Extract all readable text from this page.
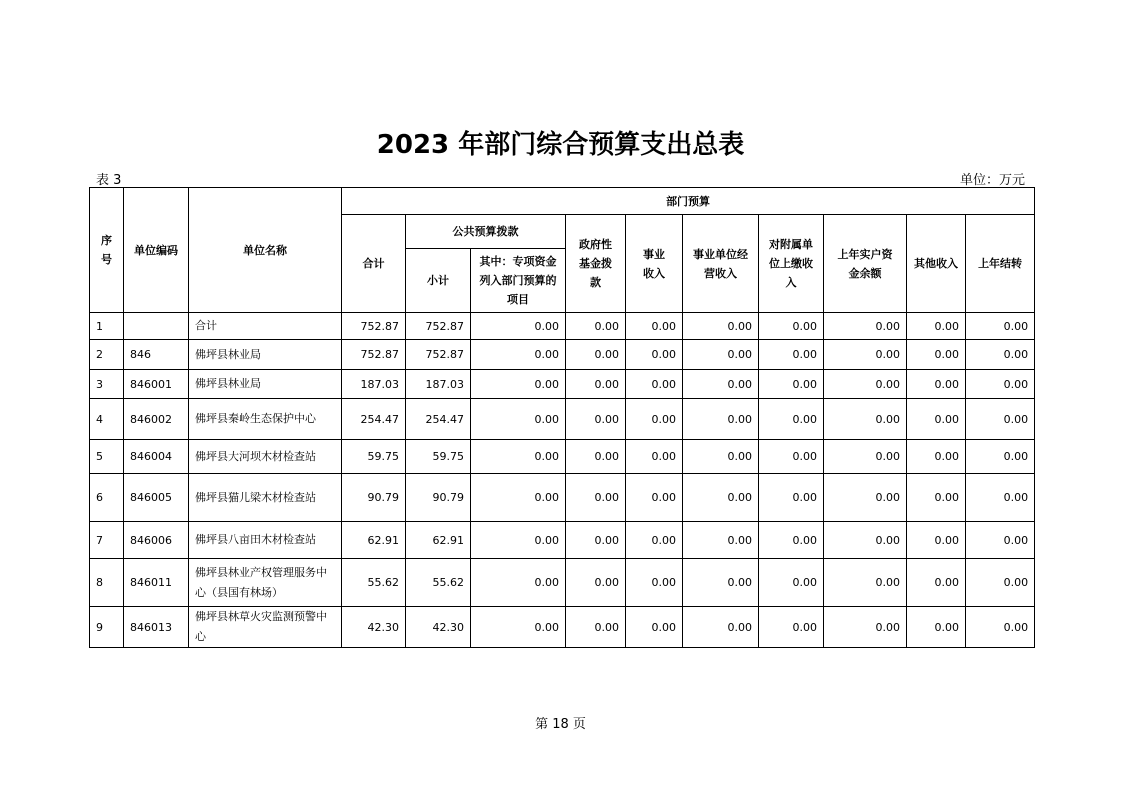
2023 年部门综合预算支出总表
表 3	单位：万元
序号	单位编码	单位名称	部门预算									
			合计	公共预算拨款		政府性基金拨款	事业收入	事业单位经营收入	对附属单位上缴收入	上年实户资金余额	其他收入	上年结转
				小计	其中：专项资金列入部门预算的项目							
1		合计	752.87	752.87	0.00	0.00	0.00	0.00	0.00	0.00	0.00	0.00
2	846	佛坪县林业局	752.87	752.87	0.00	0.00	0.00	0.00	0.00	0.00	0.00	0.00
3	846001	佛坪县林业局	187.03	187.03	0.00	0.00	0.00	0.00	0.00	0.00	0.00	0.00
4	846002	佛坪县秦岭生态保护中心	254.47	254.47	0.00	0.00	0.00	0.00	0.00	0.00	0.00	0.00
5	846004	佛坪县大河坝木材检查站	59.75	59.75	0.00	0.00	0.00	0.00	0.00	0.00	0.00	0.00
6	846005	佛坪县猫儿梁木材检查站	90.79	90.79	0.00	0.00	0.00	0.00	0.00	0.00	0.00	0.00
7	846006	佛坪县八亩田木材检查站	62.91	62.91	0.00	0.00	0.00	0.00	0.00	0.00	0.00	0.00
8	846011	佛坪县林业产权管理服务中心（县国有林场）	55.62	55.62	0.00	0.00	0.00	0.00	0.00	0.00	0.00	0.00
9	846013	佛坪县林草火灾监测预警中心	42.30	42.30	0.00	0.00	0.00	0.00	0.00	0.00	0.00	0.00
第 18 页
